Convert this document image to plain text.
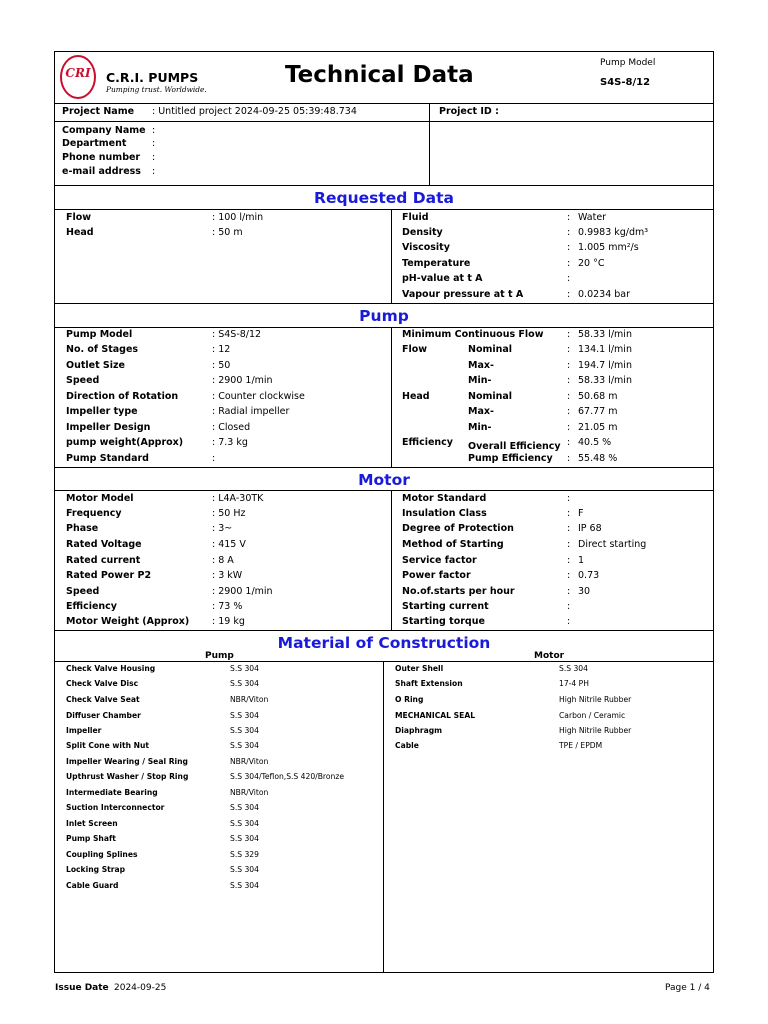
CRI C.R.I. PUMPS
Pumping trust. Worldwide.
Technical Data	Pump Model
S4S-8/12
Project Name : Untitled project 2024-09-25 05:39:48.734	Project ID :
Company Name :
Department	:
Phone number :
e-mail address :
Requested Data
Flow	: 100 l/min
Head	: 50 m
Fluid	: Water
Density	: 0.9983 kg/dm³
Viscosity	: 1.005 mm²/s
Temperature	: 20 °C
pH-value at t A	:
Vapour pressure at t A	: 0.0234 bar
Pump
Pump Model	: S4S-8/12
No. of Stages	: 12
Outlet Size	: 50
Speed	: 2900 1/min
Direction of Rotation	: Counter clockwise
Impeller type	: Radial impeller
Impeller Design	: Closed
pump weight(Approx)	: 7.3 kg
Pump Standard	:
Minimum Continuous Flow : 58.33 l/min
Flow	Nominal	: 134.1 l/min
Max-	: 194.7 l/min
Min-	: 58.33 l/min
Head	Nominal	: 50.68 m
Max-	: 67.77 m
Min-	: 21.05 m
Efficiency Overall Efficiency : 40.5 %
Pump Efficiency : 55.48 %
Motor
Motor Model	: L4A-30TK
Frequency	: 50 Hz
Phase	: 3~
Rated Voltage	: 415 V
Rated current	: 8 A
Rated Power P2	: 3 kW
Speed	: 2900 1/min
Efficiency	: 73 %
Motor Weight (Approx) : 19 kg
Motor Standard	:
Insulation Class	: F
Degree of Protection	: IP 68
Method of Starting	: Direct starting
Service factor	: 1
Power factor	: 0.73
No.of.starts per hour	: 30
Starting current	:
Starting torque	:
Material of Construction
Pump	Motor
Check Valve Housing	S.S 304
Check Valve Disc	S.S 304
Check Valve Seat	NBR/Viton
Diffuser Chamber	S.S 304
Impeller	S.S 304
Split Cone with Nut	S.S 304
Impeller Wearing / Seal Ring	NBR/Viton
Upthrust Washer / Stop Ring	S.S 304/Teflon,S.S 420/Bronze
Intermediate Bearing	NBR/Viton
Suction Interconnector	S.S 304
Inlet Screen	S.S 304
Pump Shaft	S.S 304
Coupling Splines	S.S 329
Locking Strap	S.S 304
Cable Guard	S.S 304
Outer Shell	S.S 304
Shaft Extension	17-4 PH
O Ring	High Nitrile Rubber
MECHANICAL SEAL	Carbon / Ceramic
Diaphragm	High Nitrile Rubber
Cable	TPE / EPDM
Issue Date 2024-09-25	Page 1 / 4
